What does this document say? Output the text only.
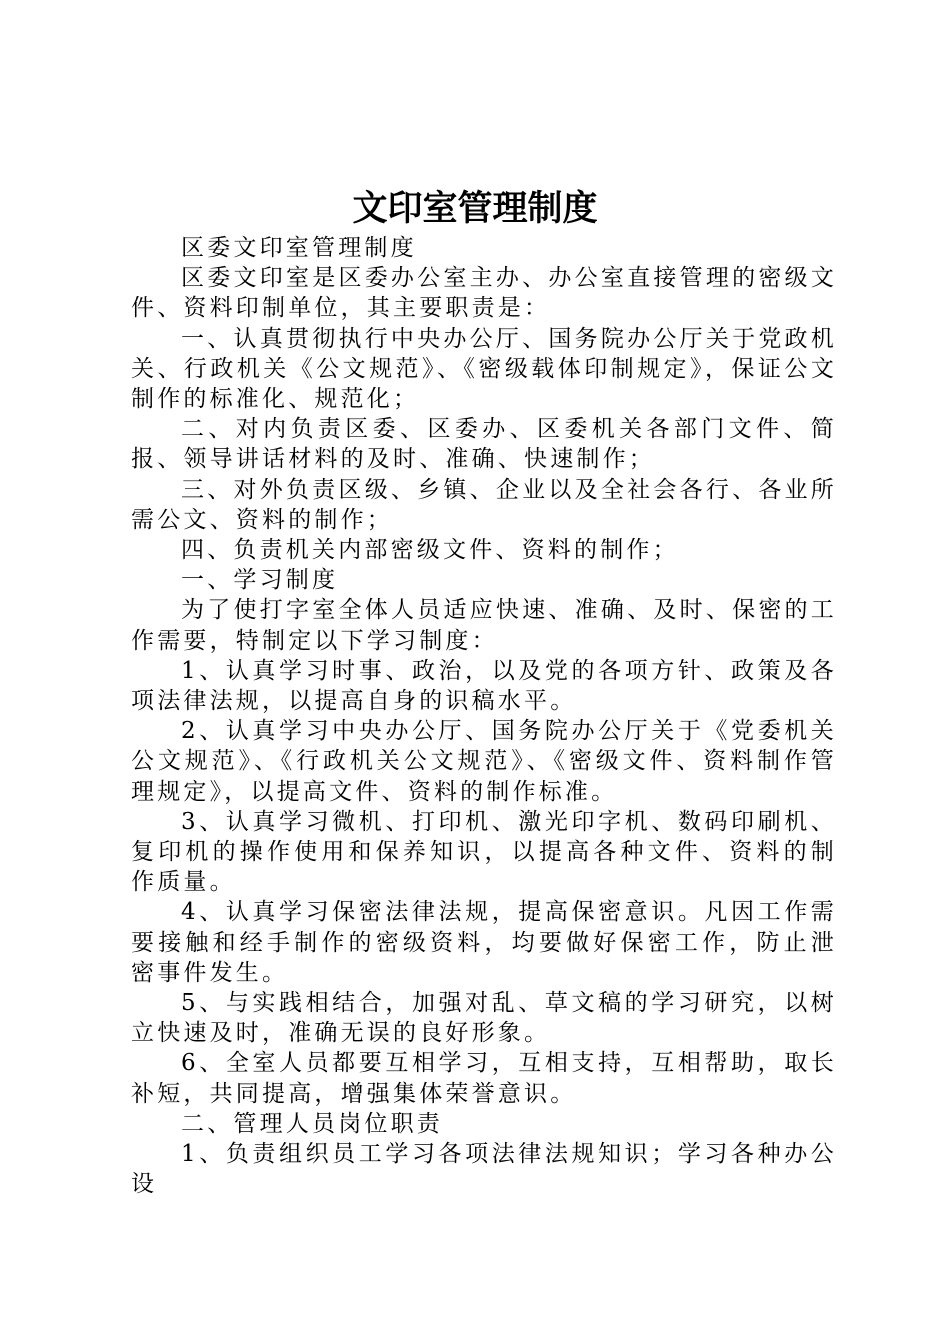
文印室管理制度

区委文印室管理制度

区委文印室是区委办公室主办、办公室直接管理的密级文件、资料印制单位，其主要职责是：

一、认真贯彻执行中央办公厅、国务院办公厅关于党政机关、行政机关《公文规范》、《密级载体印制规定》，保证公文制作的标准化、规范化；

二、对内负责区委、区委办、区委机关各部门文件、简报、领导讲话材料的及时、准确、快速制作；

三、对外负责区级、乡镇、企业以及全社会各行、各业所需公文、资料的制作；

四、负责机关内部密级文件、资料的制作；

一、学习制度

为了使打字室全体人员适应快速、准确、及时、保密的工作需要，特制定以下学习制度：

1、认真学习时事、政治，以及党的各项方针、政策及各项法律法规，以提高自身的识稿水平。

2、认真学习中央办公厅、国务院办公厅关于《党委机关公文规范》、《行政机关公文规范》、《密级文件、资料制作管理规定》，以提高文件、资料的制作标准。

3、认真学习微机、打印机、激光印字机、数码印刷机、复印机的操作使用和保养知识，以提高各种文件、资料的制作质量。

4、认真学习保密法律法规，提高保密意识。凡因工作需要接触和经手制作的密级资料，均要做好保密工作，防止泄密事件发生。

5、与实践相结合，加强对乱、草文稿的学习研究，以树立快速及时，准确无误的良好形象。

6、全室人员都要互相学习，互相支持，互相帮助，取长补短，共同提高，增强集体荣誉意识。

二、管理人员岗位职责

1、负责组织员工学习各项法律法规知识；学习各种办公设
